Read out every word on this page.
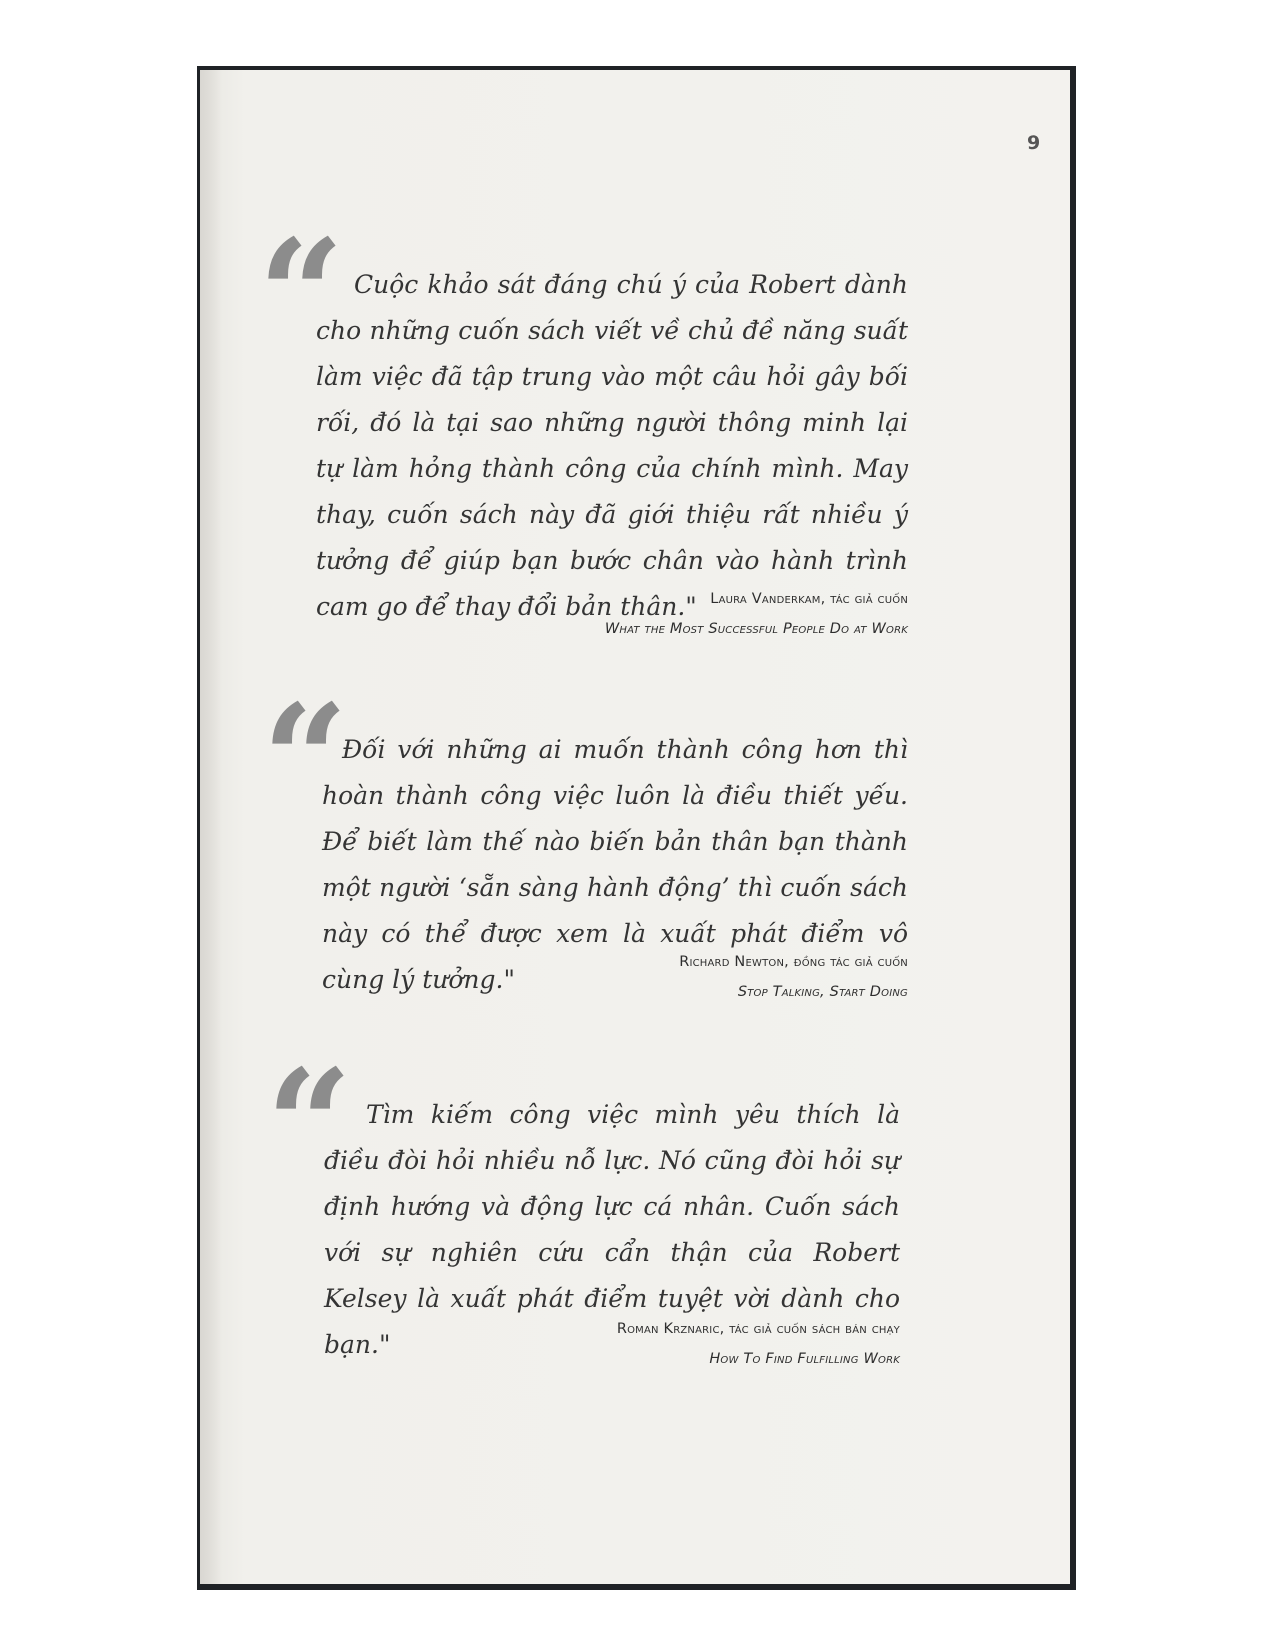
9
“ Cuộc khảo sát đáng chú ý của Robert dành cho những cuốn sách viết về chủ đề năng suất làm việc đã tập trung vào một câu hỏi gây bối rối, đó là tại sao những người thông minh lại tự làm hỏng thành công của chính mình. May thay, cuốn sách này đã giới thiệu rất nhiều ý tưởng để giúp bạn bước chân vào hành trình cam go để thay đổi bản thân." Laura Vanderkam, tác giả cuốn
What the Most Successful People Do at Work
“ Đối với những ai muốn thành công hơn thì hoàn thành công việc luôn là điều thiết yếu. Để biết làm thế nào biến bản thân bạn thành một người ‘sẵn sàng hành động’ thì cuốn sách này có thể được xem là xuất phát điểm vô cùng lý tưởng."

Richard Newton, đồng tác giả cuốn
Stop Talking, Start Doing
“	Tìm kiếm công việc mình yêu thích là điều đòi hỏi nhiều nỗ lực. Nó cũng đòi hỏi sự định hướng và động lực cá nhân. Cuốn sách với sự nghiên cứu cẩn thận của Robert Kelsey là xuất phát điểm tuyệt vời dành cho bạn."

Roman Krznaric, tác giả cuốn sách bán chạy
How To Find Fulfilling Work
